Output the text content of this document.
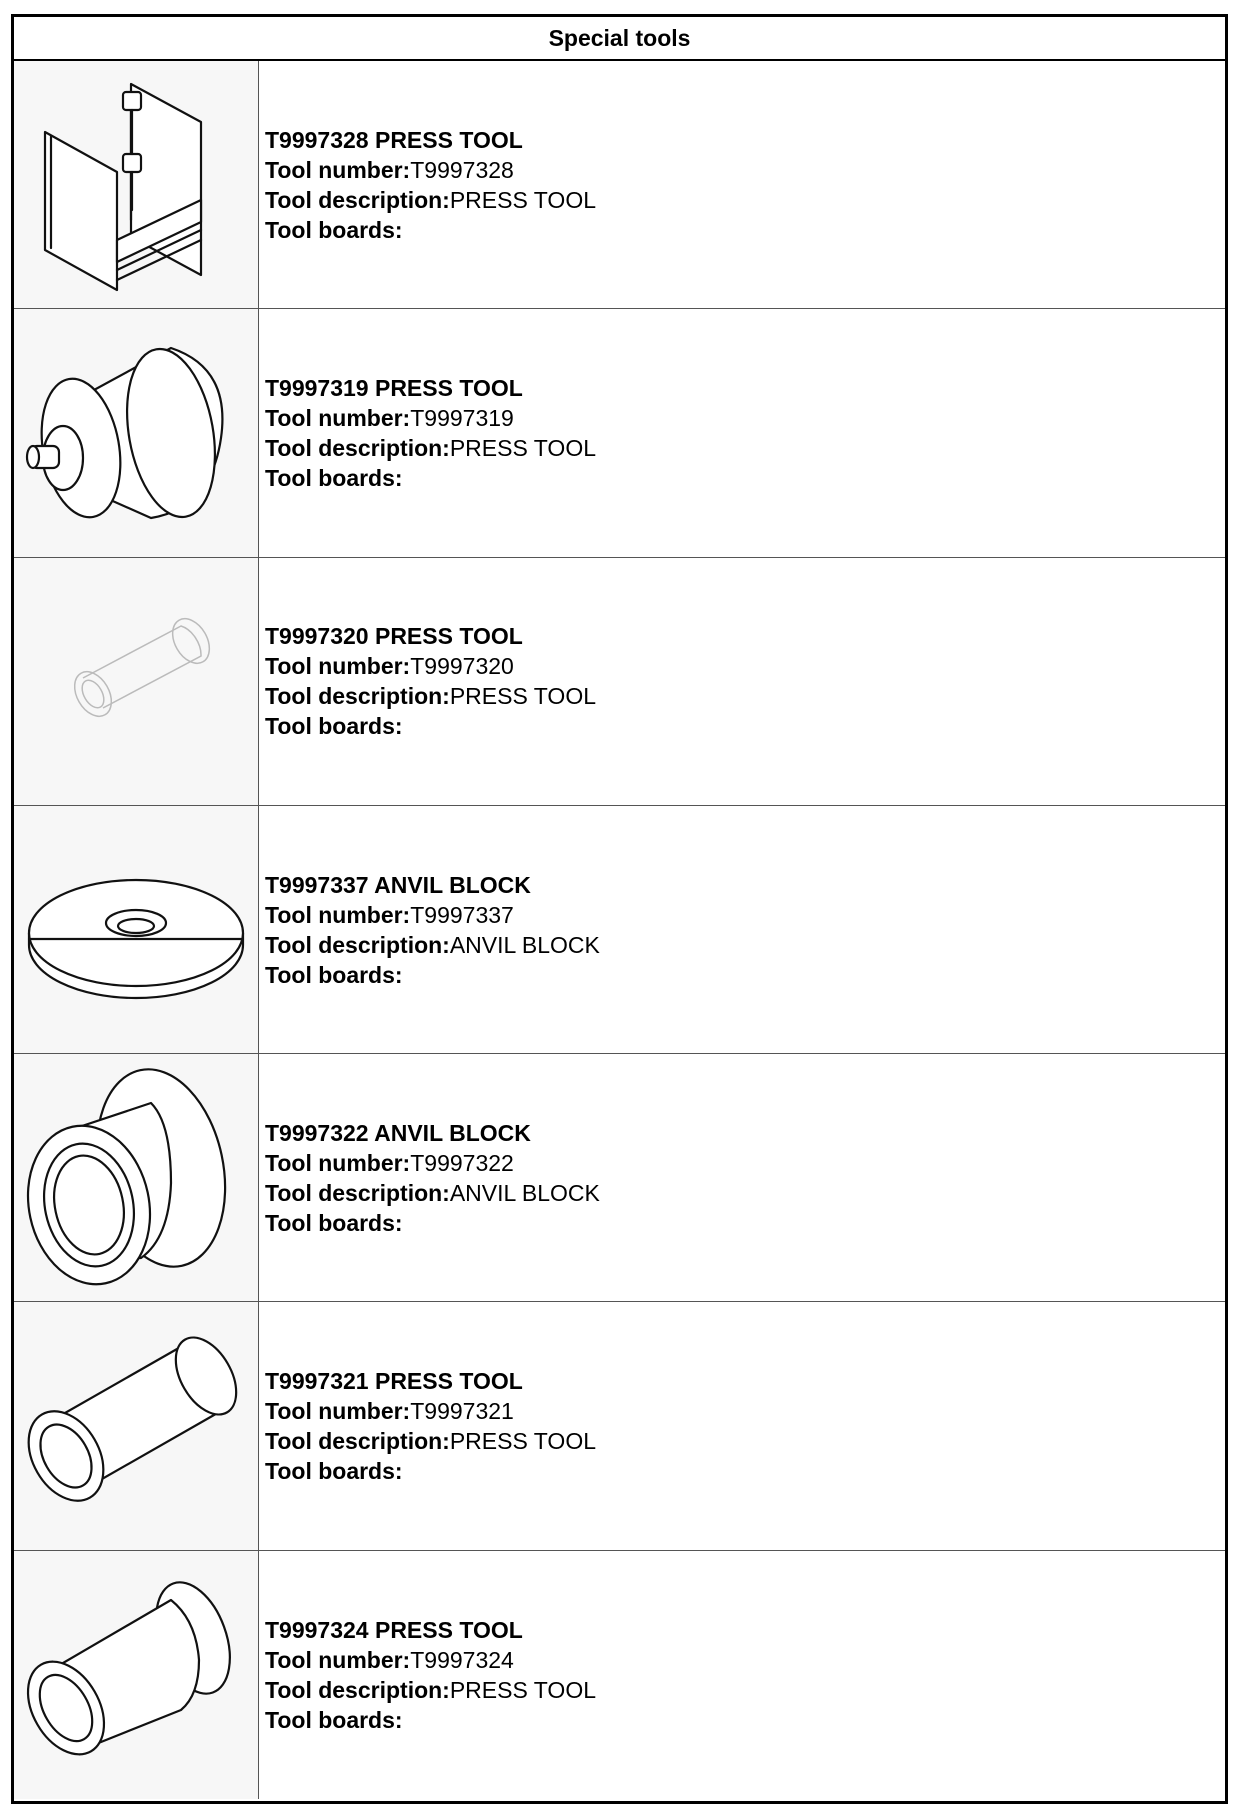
Special tools
T9997328 PRESS TOOL
Tool number:T9997328
Tool description:PRESS TOOL
Tool boards:
T9997319 PRESS TOOL
Tool number:T9997319
Tool description:PRESS TOOL
Tool boards:
T9997320 PRESS TOOL
Tool number:T9997320
Tool description:PRESS TOOL
Tool boards:
T9997337 ANVIL BLOCK
Tool number:T9997337
Tool description:ANVIL BLOCK
Tool boards:
T9997322 ANVIL BLOCK
Tool number:T9997322
Tool description:ANVIL BLOCK
Tool boards:
T9997321 PRESS TOOL
Tool number:T9997321
Tool description:PRESS TOOL
Tool boards:
T9997324 PRESS TOOL
Tool number:T9997324
Tool description:PRESS TOOL
Tool boards:
